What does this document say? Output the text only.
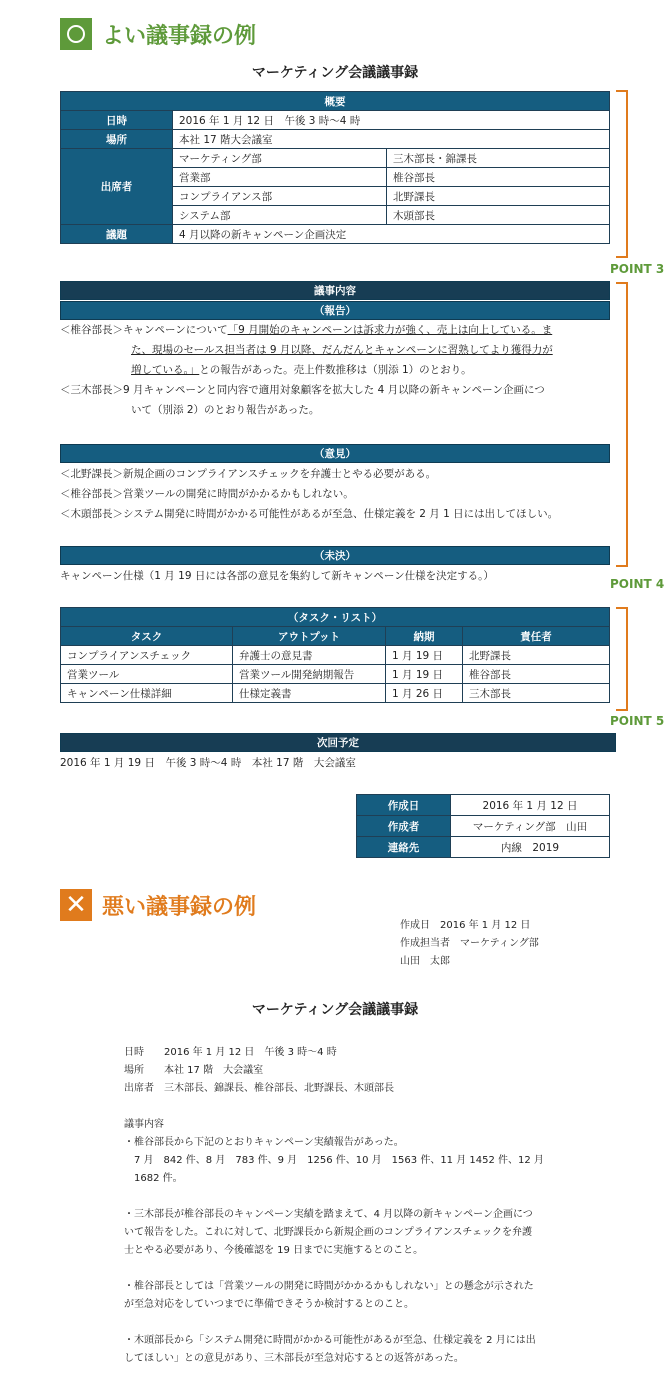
よい議事録の例
マーケティング会議議事録
概要		
日時	2016 年 1 月 12 日　午後 3 時〜4 時	
場所	本社 17 階大会議室	
出席者	マーケティング部	三木部長・錦課長
	営業部	椎谷部長
	コンプライアンス部	北野課長
	システム部	木頭部長
議題	4 月以降の新キャンペーン企画決定	
議事内容
（報告）
＜椎谷部長＞キャンペーンについて「9 月開始のキャンペーンは訴求力が強く、売上は向上している。ま
た、現場のセールス担当者は 9 月以降、だんだんとキャンペーンに習熟してより獲得力が
増している。」との報告があった。売上件数推移は（別添 1）のとおり。
＜三木部長＞9 月キャンペーンと同内容で適用対象顧客を拡大した 4 月以降の新キャンペーン企画につ
いて（別添 2）のとおり報告があった。
（意見）
＜北野課長＞新規企画のコンプライアンスチェックを弁護士とやる必要がある。
＜椎谷部長＞営業ツールの開発に時間がかかるかもしれない。
＜木頭部長＞システム開発に時間がかかる可能性があるが至急、仕様定義を 2 月 1 日には出してほしい。
（未決）
キャンペーン仕様（1 月 19 日には各部の意見を集約して新キャンペーン仕様を決定する。）
（タスク・リスト）			
タスク	アウトプット	納期	責任者
コンプライアンスチェック	弁護士の意見書	1 月 19 日	北野課長
営業ツール	営業ツール開発納期報告	1 月 19 日	椎谷部長
キャンペーン仕様詳細	仕様定義書	1 月 26 日	三木部長
次回予定
2016 年 1 月 19 日　午後 3 時〜4 時　本社 17 階　大会議室
作成日	2016 年 1 月 12 日
作成者	マーケティング部　山田
連絡先	内線　2019
POINT 3
POINT 4
POINT 5
✕ 悪い議事録の例
作成日　2016 年 1 月 12 日
作成担当者　マーケティング部
山田　太郎
マーケティング会議議事録
日時　　2016 年 1 月 12 日　午後 3 時〜4 時
場所　　本社 17 階　大会議室
出席者　三木部長、錦課長、椎谷部長、北野課長、木頭部長
議事内容
・椎谷部長から下記のとおりキャンペーン実績報告があった。
　7 月　842 件、8 月　783 件、9 月　1256 件、10 月　1563 件、11 月 1452 件、12 月
　1682 件。
・三木部長が椎谷部長のキャンペーン実績を踏まえて、4 月以降の新キャンペーン企画につ
いて報告をした。これに対して、北野課長から新規企画のコンプライアンスチェックを弁護
士とやる必要があり、今後確認を 19 日までに実施するとのこと。
・椎谷部長としては「営業ツールの開発に時間がかかるかもしれない」との懸念が示された
が至急対応をしていつまでに準備できそうか検討するとのこと。
・木頭部長から「システム開発に時間がかかる可能性があるが至急、仕様定義を 2 月には出
してほしい」との意見があり、三木部長が至急対応するとの返答があった。
